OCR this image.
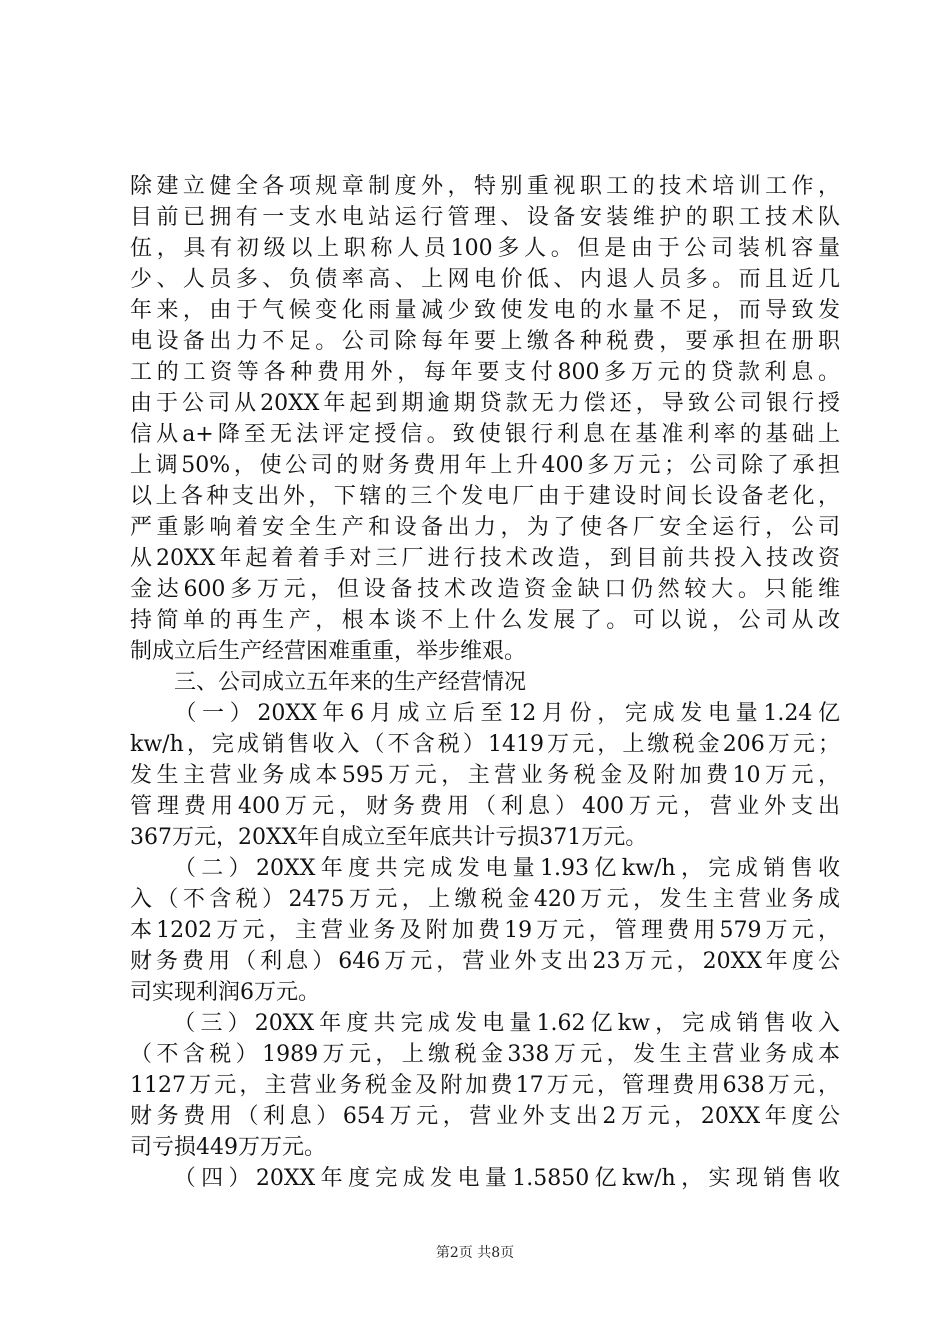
除建立健全各项规章制度外，特别重视职工的技术培训工作，
目前已拥有一支水电站运行管理、设备安装维护的职工技术队
伍，具有初级以上职称人员100多人。但是由于公司装机容量
少、人员多、负债率高、上网电价低、内退人员多。而且近几
年来，由于气候变化雨量减少致使发电的水量不足，而导致发
电设备出力不足。公司除每年要上缴各种税费，要承担在册职
工的工资等各种费用外，每年要支付800多万元的贷款利息。
由于公司从20XX年起到期逾期贷款无力偿还，导致公司银行授
信从a+降至无法评定授信。致使银行利息在基准利率的基础上
上调50%，使公司的财务费用年上升400多万元；公司除了承担
以上各种支出外，下辖的三个发电厂由于建设时间长设备老化，
严重影响着安全生产和设备出力，为了使各厂安全运行，公司
从20XX年起着着手对三厂进行技术改造，到目前共投入技改资
金达600多万元，但设备技术改造资金缺口仍然较大。只能维
持简单的再生产，根本谈不上什么发展了。可以说，公司从改
制成立后生产经营困难重重，举步维艰。
　　三、公司成立五年来的生产经营情况
　　（一）20XX年6月成立后至12月份，完成发电量1.24亿
kw/h，完成销售收入（不含税）1419万元，上缴税金206万元；
发生主营业务成本595万元，主营业务税金及附加费10万元，
管理费用400万元，财务费用（利息）400万元，营业外支出
367万元，20XX年自成立至年底共计亏损371万元。
　　（二）20XX年度共完成发电量1.93亿kw/h，完成销售收
入（不含税）2475万元，上缴税金420万元，发生主营业务成
本1202万元，主营业务及附加费19万元，管理费用579万元，
财务费用（利息）646万元，营业外支出23万元，20XX年度公
司实现利润6万元。
　　（三）20XX年度共完成发电量1.62亿kw，完成销售收入
（不含税）1989万元，上缴税金338万元，发生主营业务成本
1127万元，主营业务税金及附加费17万元，管理费用638万元，
财务费用（利息）654万元，营业外支出2万元，20XX年度公
司亏损449万万元。
　　（四）20XX年度完成发电量1.5850亿kw/h，实现销售收
第2页 共8页
